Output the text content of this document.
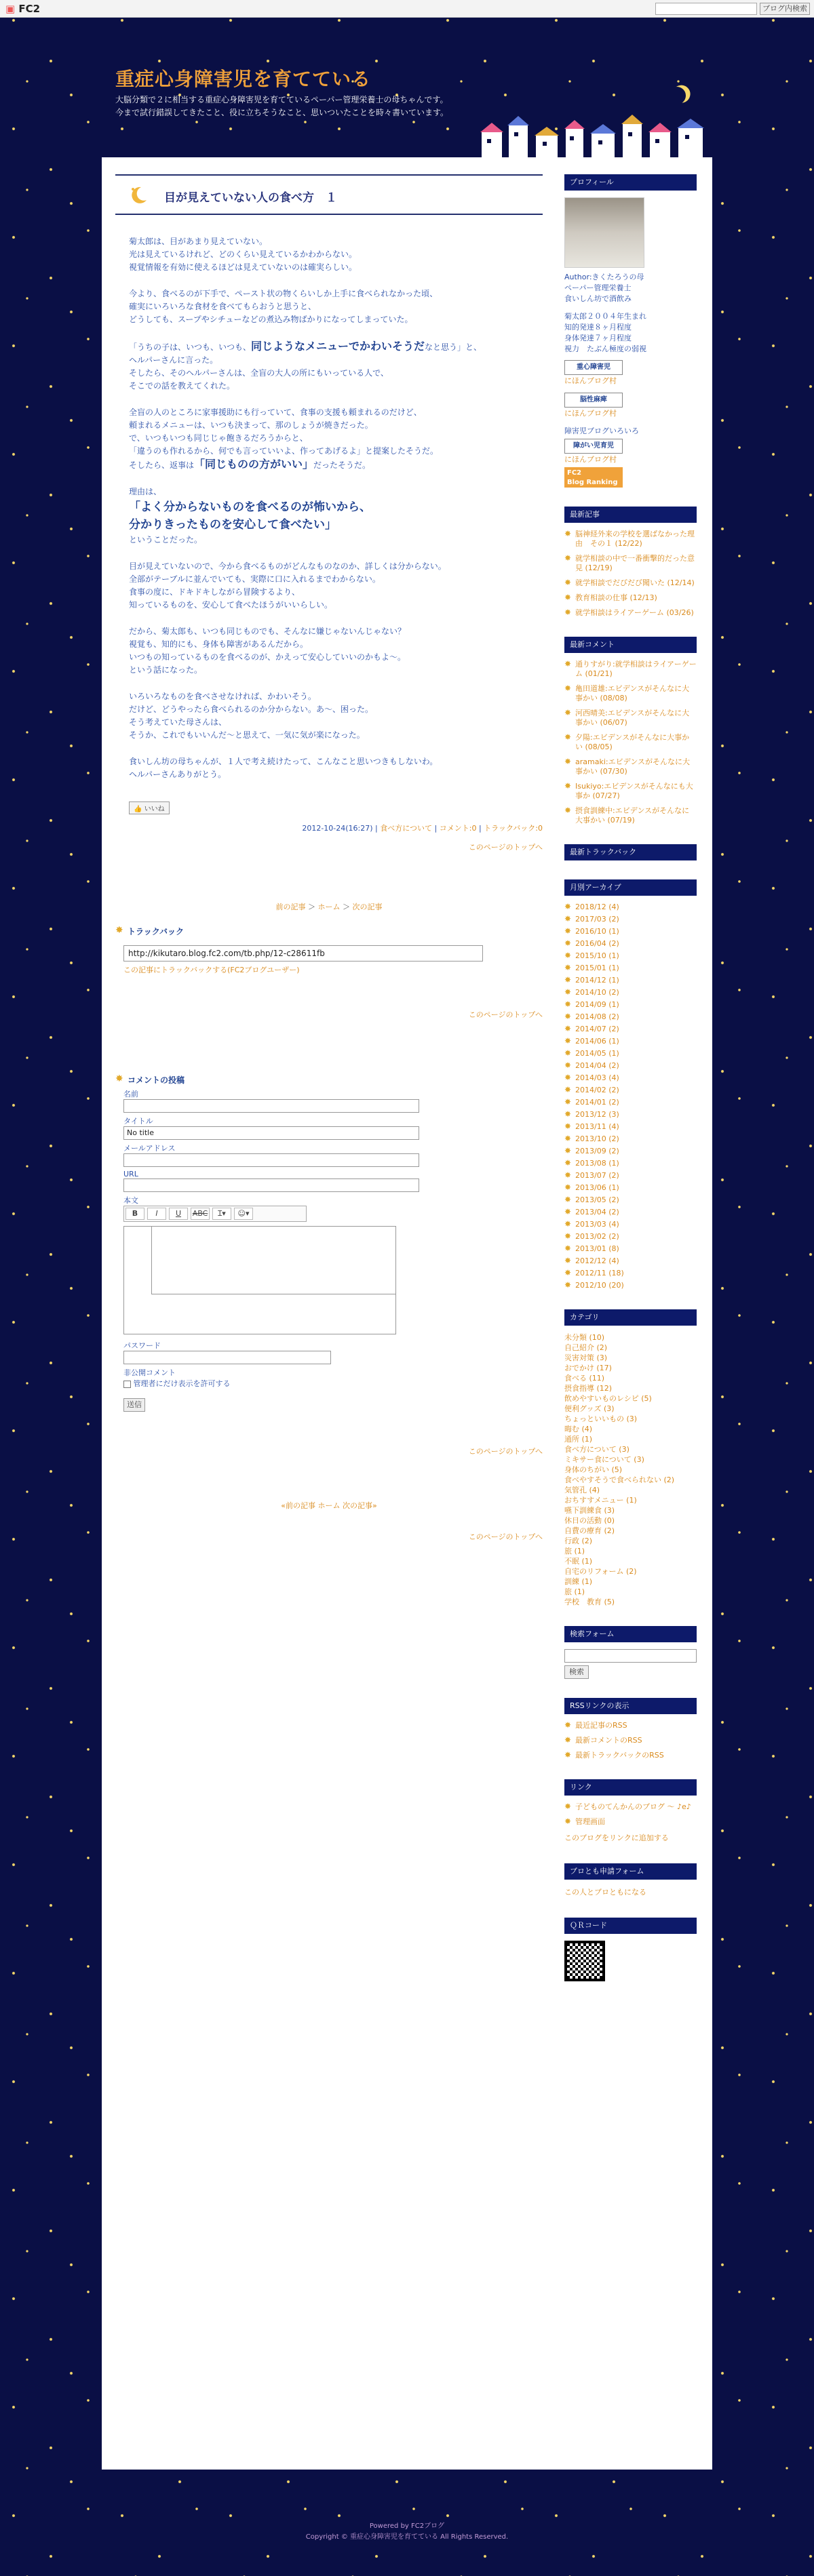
▣ FC2	ブログ内検索
重症心身障害児を育てている
大脳分類で２に相当する重症心身障害児を育てているペーパー管理栄養士の母ちゃんです。
今まで試行錯誤してきたこと、役に立ちそうなこと、思いついたことを時々書いています。
目が見えていない人の食べ方　１

菊太郎は、目があまり見えていない。
光は見えているけれど、どのくらい見えているかわからない。
視覚情報を有効に使えるほどは見えていないのは確実らしい。

今より、食べるのが下手で、ペースト状の物くらいしか上手に食べられなかった頃、
確実にいろいろな食材を食べてもらおうと思うと、
どうしても、スープやシチューなどの煮込み物ばかりになってしまっていた。

「うちの子は、いつも、いつも、同じようなメニューでかわいそうだなと思う」と、
ヘルパーさんに言った。
そしたら、そのヘルパーさんは、全盲の大人の所にもいっている人で、
そこでの話を教えてくれた。

全盲の人のところに家事援助にも行っていて、食事の支援も頼まれるのだけど、
頼まれるメニューは、いつも決まって、那のしょうが焼きだった。
で、いつもいつも同じじゃ飽きるだろうからと、
「違うのも作れるから、何でも言っていいよ、作ってあげるよ」と提案したそうだ。
そしたら、返事は「同じものの方がいい」だったそうだ。

理由は、
「よく分からないものを食べるのが怖いから、
分かりきったものを安心して食べたい」
ということだった。

目が見えていないので、今から食べるものがどんなものなのか、詳しくは分からない。
全部がテーブルに並んでいても、実際に口に入れるまでわからない。
食事の度に、ドキドキしながら冒険するより、
知っているものを、安心して食べたほうがいいらしい。

だから、菊太郎も、いつも同じものでも、そんなに嫌じゃないんじゃない？
視覚も、知的にも、身体も障害があるんだから。
いつもの知っているものを食べるのが、かえって安心していいのかもよ〜。
という話になった。

いろいろなものを食べさせなければ、かわいそう。
だけど、どうやったら食べられるのか分からない。あ〜、困った。
そう考えていた母さんは、
そうか、これでもいいんだ〜と思えて、一気に気が楽になった。

食いしん坊の母ちゃんが、１人で考え続けたって、こんなこと思いつきもしないわ。
ヘルパーさんありがとう。

👍 いいね
2012-10-24(16:27) | 食べ方について | コメント:0 | トラックバック:0
このページのトップへ
前の記事 ＞ ホーム ＞ 次の記事
✸ トラックバック
http://kikutaro.blog.fc2.com/tb.php/12-c28611fb
この記事にトラックバックする(FC2ブログユーザー)
このページのトップへ
✸ コメントの投稿
名前
タイトル
No title
メールアドレス
URL
本文
B	I	U	ABC	Ɪ▾	☺▾
パスワード
非公開コメント
管理者にだけ表示を許可する
送信
このページのトップへ
«前の記事 ホーム 次の記事»
このページのトップへ
プロフィール
Author:きくたろうの母
ペーパー管理栄養士
食いしん坊で酒飲み
菊太郎２００４年生まれ
知的発達８ヶ月程度
身体発達７ヶ月程度
視力　たぶん極度の弱視
重心障害児
にほんブログ村
脳性麻痺
にほんブログ村
障害児ブログいろいろ
障がい児育児
にほんブログ村
FC2
Blog Ranking
最新記事
✸ 脳神経外来の学校を選ばなかった理由　その１ (12/22)
✸ 就学相談の中で一番衝撃的だった意見 (12/19)
✸ 就学相談でだびだび聞いた (12/14)
✸ 教育相談の仕事 (12/13)
✸ 就学相談はライアーゲーム (03/26)
最新コメント
✸ 通りすがり:就学相談はライアーゲーム (01/21)
✸ 亀田道雄:エビデンスがそんなに大事かい (08/08)
✸ 河西晴美:エビデンスがそんなに大事かい (06/07)
✸ 夕陽:エビデンスがそんなに大事かい (08/05)
✸ aramaki:エビデンスがそんなに大事かい (07/30)
✸ Isukiyo:エビデンスがそんなにも大事か (07/27)
✸ 摂食訓練中:エビデンスがそんなに大事かい (07/19)
最新トラックバック
月別アーカイブ
✸ 2018/12 (4)
✸ 2017/03 (2)
✸ 2016/10 (1)
✸ 2016/04 (2)
✸ 2015/10 (1)
✸ 2015/01 (1)
✸ 2014/12 (1)
✸ 2014/10 (2)
✸ 2014/09 (1)
✸ 2014/08 (2)
✸ 2014/07 (2)
✸ 2014/06 (1)
✸ 2014/05 (1)
✸ 2014/04 (2)
✸ 2014/03 (4)
✸ 2014/02 (2)
✸ 2014/01 (2)
✸ 2013/12 (3)
✸ 2013/11 (4)
✸ 2013/10 (2)
✸ 2013/09 (2)
✸ 2013/08 (1)
✸ 2013/07 (2)
✸ 2013/06 (1)
✸ 2013/05 (2)
✸ 2013/04 (2)
✸ 2013/03 (4)
✸ 2013/02 (2)
✸ 2013/01 (8)
✸ 2012/12 (4)
✸ 2012/11 (18)
✸ 2012/10 (20)
カテゴリ
未分類 (10)
自己紹介 (2)
災害対策 (3)
おでかけ (17)
食べる (11)
摂食指導 (12)
飲めやすいものレシピ (5)
便利グッズ (3)
ちょっといいもの (3)
晦む (4)
通所 (1)
食べ方について (3)
ミキサー食について (3)
身体のちがい (5)
食べやすそうで食べられない (2)
気管孔 (4)
おちすすメニュー (1)
嚥下訓練食 (3)
休日の活動 (0)
自費の療育 (2)
行政 (2)
旅 (1)
不眠 (1)
自宅のリフォーム (2)
訓練 (1)
旅 (1)
学校　教育 (5)
検索フォーム
検索
RSSリンクの表示
✸ 最近記事のRSS
✸ 最新コメントのRSS
✸ 最新トラックバックのRSS
リンク
✸ 子どものてんかんのブログ 〜 ♪e♪
✸ 管理画面
このブログをリンクに追加する
ブロとも申請フォーム
この人とブロともになる
ＱＲコード
Powered by FC2ブログ
Copyright © 重症心身障害児を育てている All Rights Reserved.
